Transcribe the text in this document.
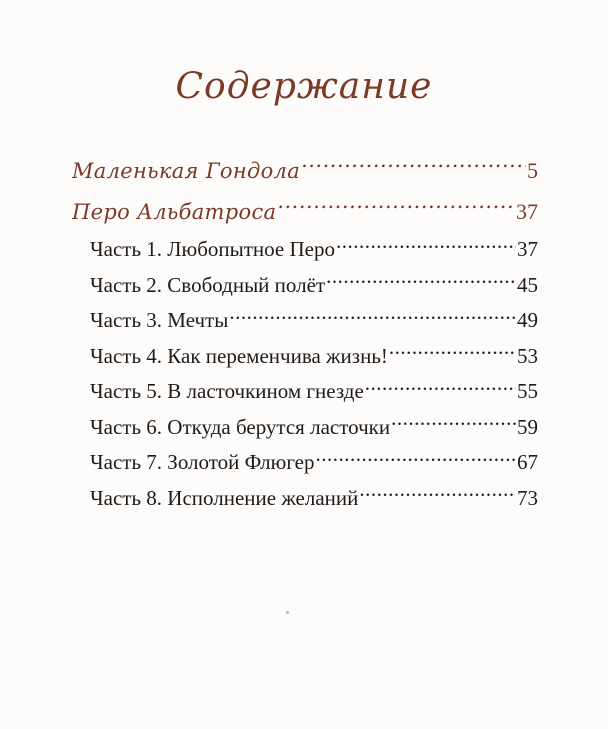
Содержание
Маленькая Гондола .....	5
Перо Альбатроса .....	37
Часть 1. Любопытное Перо .....	37
Часть 2. Свободный полёт .....	45
Часть 3. Мечты .....	49
Часть 4. Как переменчива жизнь! .....	53
Часть 5. В ласточкином гнезде .....	55
Часть 6. Откуда берутся ласточки .....	59
Часть 7. Золотой Флюгер .....	67
Часть 8. Исполнение желаний .....	73
